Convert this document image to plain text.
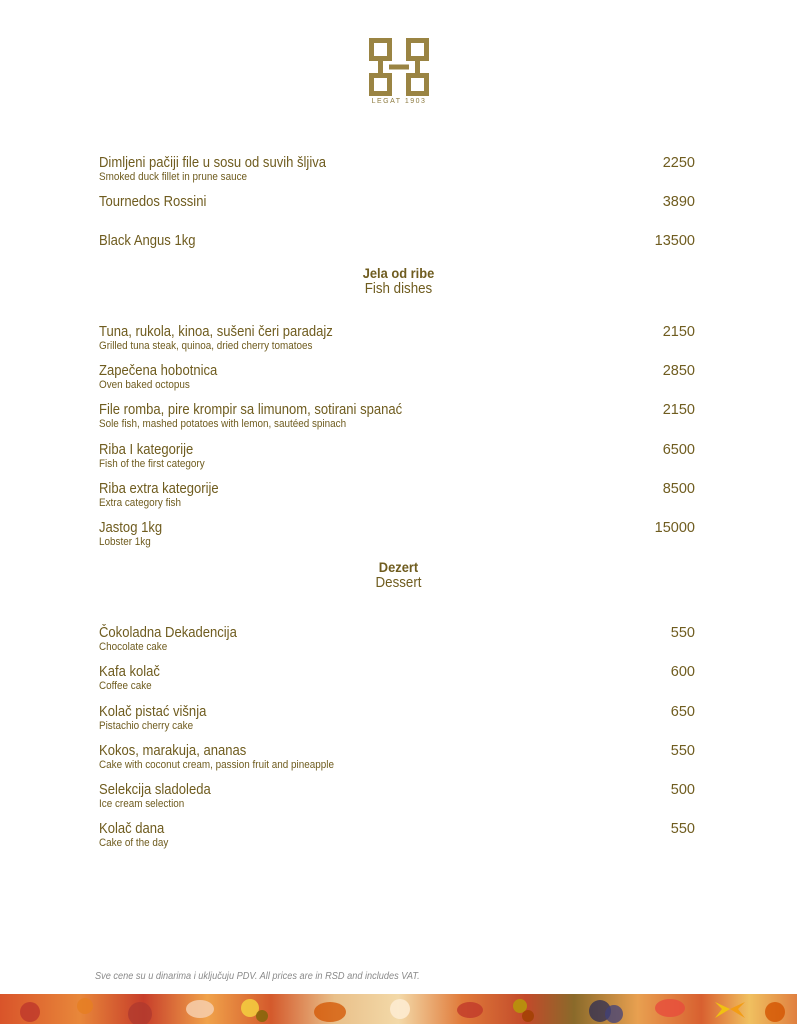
LEGAT 1903
Dimljeni pačiji file u sosu od suvih šljiva
Smoked duck fillet in prune sauce
2250
Tournedos Rossini	3890
Black Angus 1kg	13500
Jela od ribe
Fish dishes
Tuna, rukola, kinoa, sušeni čeri paradajz
Grilled tuna steak, quinoa, dried cherry tomatoes
2150
Zapečena hobotnica
Oven baked octopus
2850
File romba, pire krompir sa limunom, sotirani spanać
Sole fish, mashed potatoes with lemon, sautéed spinach
2150
Riba I kategorije
Fish of the first category
6500
Riba extra kategorije
Extra category fish
8500
Jastog 1kg
Lobster 1kg
15000
Dezert
Dessert
Čokoladna Dekadencija
Chocolate cake
550
Kafa kolač
Coffee cake
600
Kolač pistać višnja
Pistachio cherry cake
650
Kokos, marakuja, ananas
Cake with coconut cream, passion fruit and pineapple
550
Selekcija sladoleda
Ice cream selection
500
Kolač dana
Cake of the day
550
Sve cene su u dinarima i uključuju PDV. All prices are in RSD and includes VAT.
